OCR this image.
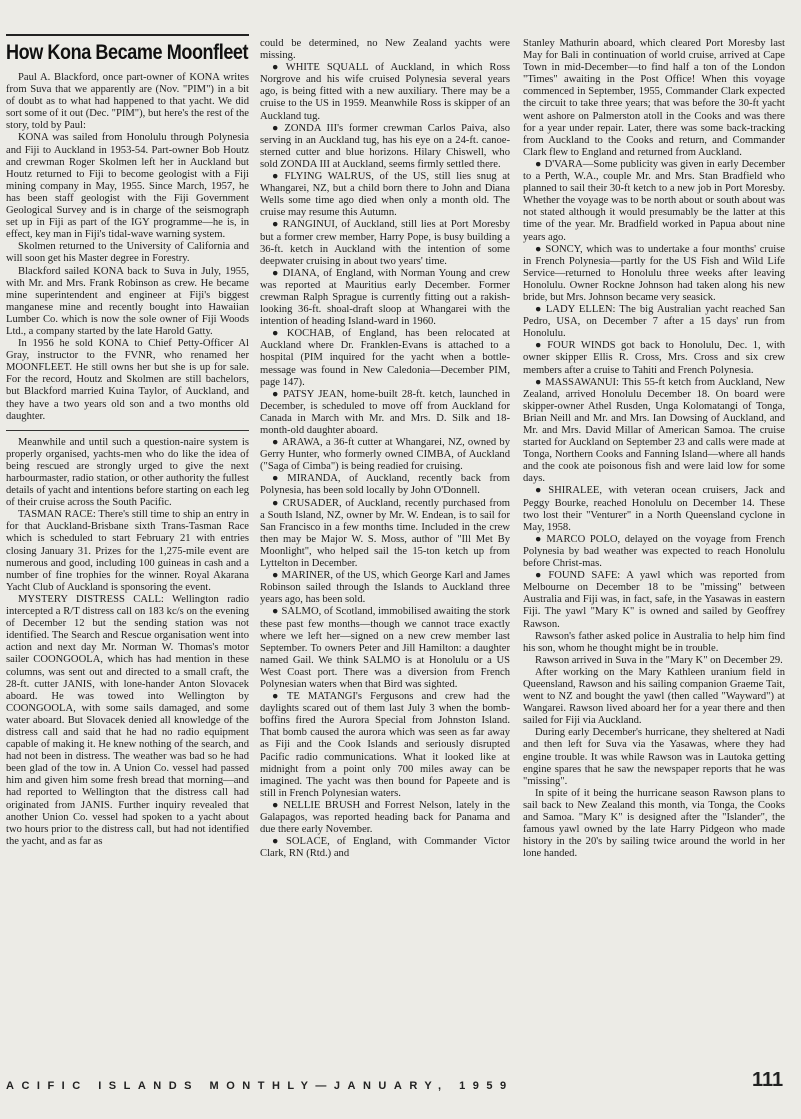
How Kona Became Moonfleet

Paul A. Blackford, once part-owner of KONA writes from Suva that we apparently are (Nov. "PIM") in a bit of doubt as to what had happened to that yacht. We did sort some of it out (Dec. "PIM"), but here's the rest of the story, told by Paul:

KONA was sailed from Honolulu through Polynesia and Fiji to Auckland in 1953-54. Part-owner Bob Houtz and crewman Roger Skolmen left her in Auckland but Houtz returned to Fiji to become geologist with a Fiji mining company in May, 1955. Since March, 1957, he has been staff geologist with the Fiji Government Geological Survey and is in charge of the seismograph set up in Fiji as part of the IGY programme—he is, in effect, key man in Fiji's tidal-wave warning system.

Skolmen returned to the University of California and will soon get his Master degree in Forestry.

Blackford sailed KONA back to Suva in July, 1955, with Mr. and Mrs. Frank Robinson as crew. He became mine superintendent and engineer at Fiji's biggest manganese mine and recently bought into Hawaiian Lumber Co. which is now the sole owner of Fiji Woods Ltd., a company started by the late Harold Gatty.

In 1956 he sold KONA to Chief Petty-Officer Al Gray, instructor to the FVNR, who renamed her MOONFLEET. He still owns her but she is up for sale. For the record, Houtz and Skolmen are still bachelors, but Blackford married Kuina Taylor, of Auckland, and they have a two years old son and a two months old daughter.

Meanwhile and until such a question-naire system is properly organised, yachts-men who do like the idea of being rescued are strongly urged to give the next harbourmaster, radio station, or other authority the fullest details of yacht and intentions before starting on each leg of their cruise across the South Pacific.

TASMAN RACE: There's still time to ship an entry in for that Auckland-Brisbane sixth Trans-Tasman Race which is scheduled to start February 21 with entries closing January 31. Prizes for the 1,275-mile event are numerous and good, including 100 guineas in cash and a number of fine trophies for the winner. Royal Akarana Yacht Club of Auckland is sponsoring the event.

MYSTERY DISTRESS CALL: Wellington radio intercepted a R/T distress call on 183 kc/s on the evening of December 12 but the sending station was not identified. The Search and Rescue organisation went into action and next day Mr. Norman W. Thomas's motor sailer COONGOOLA, which has had mention in these columns, was sent out and directed to a small craft, the 28-ft. cutter JANIS, with lone-hander Anton Slovacek aboard. He was towed into Wellington by COONGOOLA, with some sails damaged, and some water aboard. But Slovacek denied all knowledge of the distress call and said that he had no radio equipment capable of making it. He knew nothing of the search, and had not been in distress. The weather was bad so he had been glad of the tow in. A Union Co. vessel had passed him and given him some fresh bread that morning—and had reported to Wellington that the distress call had originated from JANIS. Further inquiry revealed that another Union Co. vessel had spoken to a yacht about two hours prior to the distress call, but had not identified the yacht, and as far as

could be determined, no New Zealand yachts were missing.

● WHITE SQUALL of Auckland, in which Ross Norgrove and his wife cruised Polynesia several years ago, is being fitted with a new auxiliary. There may be a cruise to the US in 1959. Meanwhile Ross is skipper of an Auckland tug.

● ZONDA III's former crewman Carlos Paiva, also serving in an Auckland tug, has his eye on a 24-ft. canoe-sterned cutter and blue horizons. Hilary Chiswell, who sold ZONDA III at Auckland, seems firmly settled there.

● FLYING WALRUS, of the US, still lies snug at Whangarei, NZ, but a child born there to John and Diana Wells some time ago died when only a month old. The cruise may resume this Autumn.

● RANGINUI, of Auckland, still lies at Port Moresby but a former crew member, Harry Pope, is busy building a 36-ft. ketch in Auckland with the intention of some deepwater cruising in about two years' time.

● DIANA, of England, with Norman Young and crew was reported at Mauritius early December. Former crewman Ralph Sprague is currently fitting out a rakish-looking 36-ft. shoal-draft sloop at Whangarei with the intention of heading Island-ward in 1960.

● KOCHAB, of England, has been relocated at Auckland where Dr. Franklen-Evans is attached to a hospital (PIM inquired for the yacht when a bottle-message was found in New Caledonia—December PIM, page 147).

● PATSY JEAN, home-built 28-ft. ketch, launched in December, is scheduled to move off from Auckland for Canada in March with Mr. and Mrs. D. Silk and 18-month-old daughter aboard.

● ARAWA, a 36-ft cutter at Whangarei, NZ, owned by Gerry Hunter, who formerly owned CIMBA, of Auckland ("Saga of Cimba") is being readied for cruising.

● MIRANDA, of Auckland, recently back from Polynesia, has been sold locally by John O'Donnell.

● CRUSADER, of Auckland, recently purchased from a South Island, NZ, owner by Mr. W. Endean, is to sail for San Francisco in a few months time. Included in the crew then may be Major W. S. Moss, author of "Ill Met By Moonlight", who helped sail the 15-ton ketch up from Lyttelton in December.

● MARINER, of the US, which George Karl and James Robinson sailed through the Islands to Auckland three years ago, has been sold.

● SALMO, of Scotland, immobilised awaiting the stork these past few months—though we cannot trace exactly where we left her—signed on a new crew member last September. To owners Peter and Jill Hamilton: a daughter named Gail. We think SALMO is at Honolulu or a US West Coast port. There was a diversion from French Polynesian waters when that Bird was sighted.

● TE MATANGI's Fergusons and crew had the daylights scared out of them last July 3 when the bomb-boffins fired the Aurora Special from Johnston Island. That bomb caused the aurora which was seen as far away as Fiji and the Cook Islands and seriously disrupted Pacific radio communications. What it looked like at midnight from a point only 700 miles away can be imagined. The yacht was then bound for Papeete and is still in French Polynesian waters.

● NELLIE BRUSH and Forrest Nelson, lately in the Galapagos, was reported heading back for Panama and due there early November.

● SOLACE, of England, with Commander Victor Clark, RN (Rtd.) and

Stanley Mathurin aboard, which cleared Port Moresby last May for Bali in continuation of world cruise, arrived at Cape Town in mid-December—to find half a ton of the London "Times" awaiting in the Post Office! When this voyage commenced in September, 1955, Commander Clark expected the circuit to take three years; that was before the 30-ft yacht went ashore on Palmerston atoll in the Cooks and was there for a year under repair. Later, there was some back-tracking from Auckland to the Cooks and return, and Commander Clark flew to England and returned from Auckland.

● D'VARA—Some publicity was given in early December to a Perth, W.A., couple Mr. and Mrs. Stan Bradfield who planned to sail their 30-ft ketch to a new job in Port Moresby. Whether the voyage was to be north about or south about was not stated although it would presumably be the latter at this time of the year. Mr. Bradfield worked in Papua about nine years ago.

● SONCY, which was to undertake a four months' cruise in French Polynesia—partly for the US Fish and Wild Life Service—returned to Honolulu three weeks after leaving Honolulu. Owner Rockne Johnson had taken along his new bride, but Mrs. Johnson became very seasick.

● LADY ELLEN: The big Australian yacht reached San Pedro, USA, on December 7 after a 15 days' run from Honolulu.

● FOUR WINDS got back to Honolulu, Dec. 1, with owner skipper Ellis R. Cross, Mrs. Cross and six crew members after a cruise to Tahiti and French Polynesia.

● MASSAWANUI: This 55-ft ketch from Auckland, New Zealand, arrived Honolulu December 18. On board were skipper-owner Athel Rusden, Unga Kolomatangi of Tonga, Brian Neill and Mr. and Mrs. Ian Dowsing of Auckland, and Mr. and Mrs. David Millar of American Samoa. The cruise started for Auckland on September 23 and calls were made at Tonga, Northern Cooks and Fanning Island—where all hands and the cook ate poisonous fish and were laid low for some days.

● SHIRALEE, with veteran ocean cruisers, Jack and Peggy Bourke, reached Honolulu on December 14. These two lost their "Venturer" in a North Queensland cyclone in May, 1958.

● MARCO POLO, delayed on the voyage from French Polynesia by bad weather was expected to reach Honolulu before Christ-mas.

● FOUND SAFE: A yawl which was reported from Melbourne on December 18 to be "missing" between Australia and Fiji was, in fact, safe, in the Yasawas in eastern Fiji. The yawl "Mary K" is owned and sailed by Geoffrey Rawson.

Rawson's father asked police in Australia to help him find his son, whom he thought might be in trouble.

Rawson arrived in Suva in the "Mary K" on December 29.

After working on the Mary Kathleen uranium field in Queensland, Rawson and his sailing companion Graeme Tait, went to NZ and bought the yawl (then called "Wayward") at Wangarei. Rawson lived aboard her for a year there and then sailed for Fiji via Auckland.

During early December's hurricane, they sheltered at Nadi and then left for Suva via the Yasawas, where they had engine trouble. It was while Rawson was in Lautoka getting engine spares that he saw the newspaper reports that he was "missing".

In spite of it being the hurricane season Rawson plans to sail back to New Zealand this month, via Tonga, the Cooks and Samoa. "Mary K" is designed after the "Islander", the famous yawl owned by the late Harry Pidgeon who made history in the 20's by sailing twice around the world in her lone handed.

ACIFIC ISLANDS MONTHLY—JANUARY, 1959	111
